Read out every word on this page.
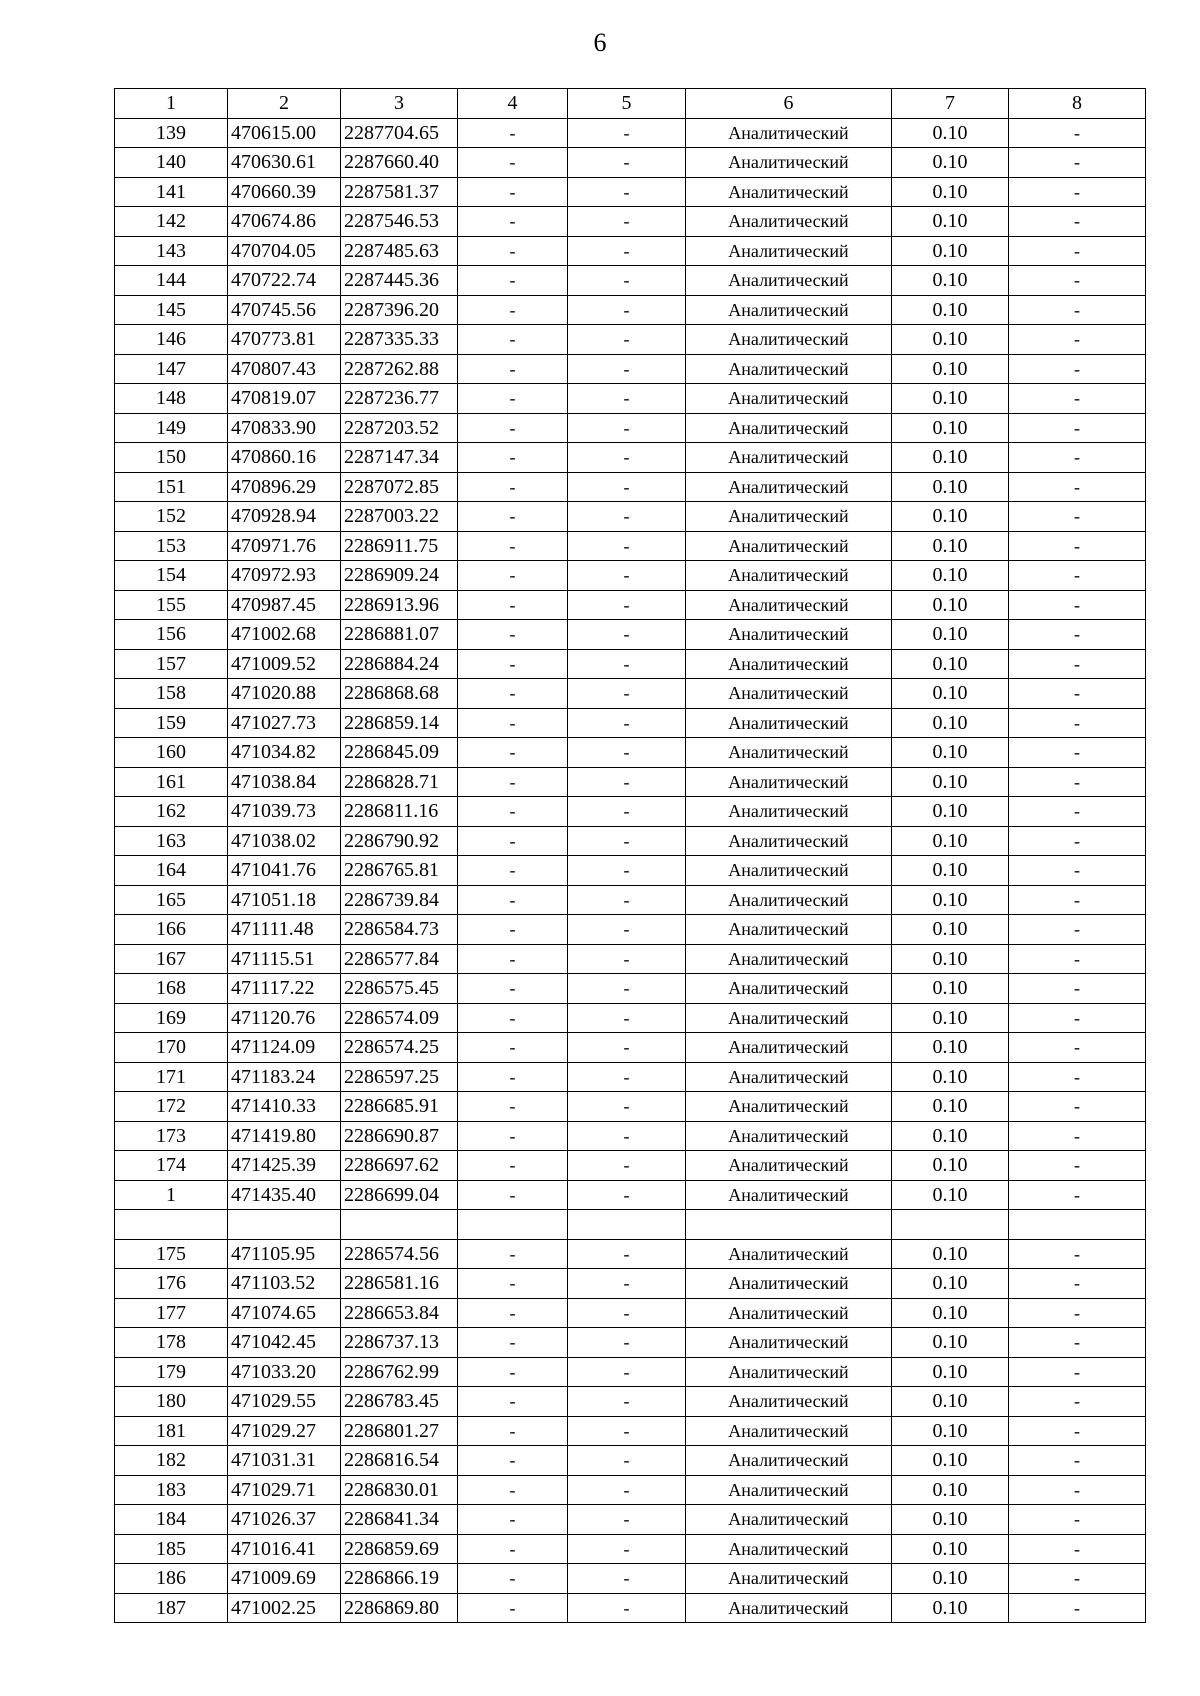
6
1	2	3	4	5	6	7	8
139	470615.00	2287704.65	-	-	Аналитический	0.10	-
140	470630.61	2287660.40	-	-	Аналитический	0.10	-
141	470660.39	2287581.37	-	-	Аналитический	0.10	-
142	470674.86	2287546.53	-	-	Аналитический	0.10	-
143	470704.05	2287485.63	-	-	Аналитический	0.10	-
144	470722.74	2287445.36	-	-	Аналитический	0.10	-
145	470745.56	2287396.20	-	-	Аналитический	0.10	-
146	470773.81	2287335.33	-	-	Аналитический	0.10	-
147	470807.43	2287262.88	-	-	Аналитический	0.10	-
148	470819.07	2287236.77	-	-	Аналитический	0.10	-
149	470833.90	2287203.52	-	-	Аналитический	0.10	-
150	470860.16	2287147.34	-	-	Аналитический	0.10	-
151	470896.29	2287072.85	-	-	Аналитический	0.10	-
152	470928.94	2287003.22	-	-	Аналитический	0.10	-
153	470971.76	2286911.75	-	-	Аналитический	0.10	-
154	470972.93	2286909.24	-	-	Аналитический	0.10	-
155	470987.45	2286913.96	-	-	Аналитический	0.10	-
156	471002.68	2286881.07	-	-	Аналитический	0.10	-
157	471009.52	2286884.24	-	-	Аналитический	0.10	-
158	471020.88	2286868.68	-	-	Аналитический	0.10	-
159	471027.73	2286859.14	-	-	Аналитический	0.10	-
160	471034.82	2286845.09	-	-	Аналитический	0.10	-
161	471038.84	2286828.71	-	-	Аналитический	0.10	-
162	471039.73	2286811.16	-	-	Аналитический	0.10	-
163	471038.02	2286790.92	-	-	Аналитический	0.10	-
164	471041.76	2286765.81	-	-	Аналитический	0.10	-
165	471051.18	2286739.84	-	-	Аналитический	0.10	-
166	471111.48	2286584.73	-	-	Аналитический	0.10	-
167	471115.51	2286577.84	-	-	Аналитический	0.10	-
168	471117.22	2286575.45	-	-	Аналитический	0.10	-
169	471120.76	2286574.09	-	-	Аналитический	0.10	-
170	471124.09	2286574.25	-	-	Аналитический	0.10	-
171	471183.24	2286597.25	-	-	Аналитический	0.10	-
172	471410.33	2286685.91	-	-	Аналитический	0.10	-
173	471419.80	2286690.87	-	-	Аналитический	0.10	-
174	471425.39	2286697.62	-	-	Аналитический	0.10	-
1	471435.40	2286699.04	-	-	Аналитический	0.10	-

175	471105.95	2286574.56	-	-	Аналитический	0.10	-
176	471103.52	2286581.16	-	-	Аналитический	0.10	-
177	471074.65	2286653.84	-	-	Аналитический	0.10	-
178	471042.45	2286737.13	-	-	Аналитический	0.10	-
179	471033.20	2286762.99	-	-	Аналитический	0.10	-
180	471029.55	2286783.45	-	-	Аналитический	0.10	-
181	471029.27	2286801.27	-	-	Аналитический	0.10	-
182	471031.31	2286816.54	-	-	Аналитический	0.10	-
183	471029.71	2286830.01	-	-	Аналитический	0.10	-
184	471026.37	2286841.34	-	-	Аналитический	0.10	-
185	471016.41	2286859.69	-	-	Аналитический	0.10	-
186	471009.69	2286866.19	-	-	Аналитический	0.10	-
187	471002.25	2286869.80	-	-	Аналитический	0.10	-
